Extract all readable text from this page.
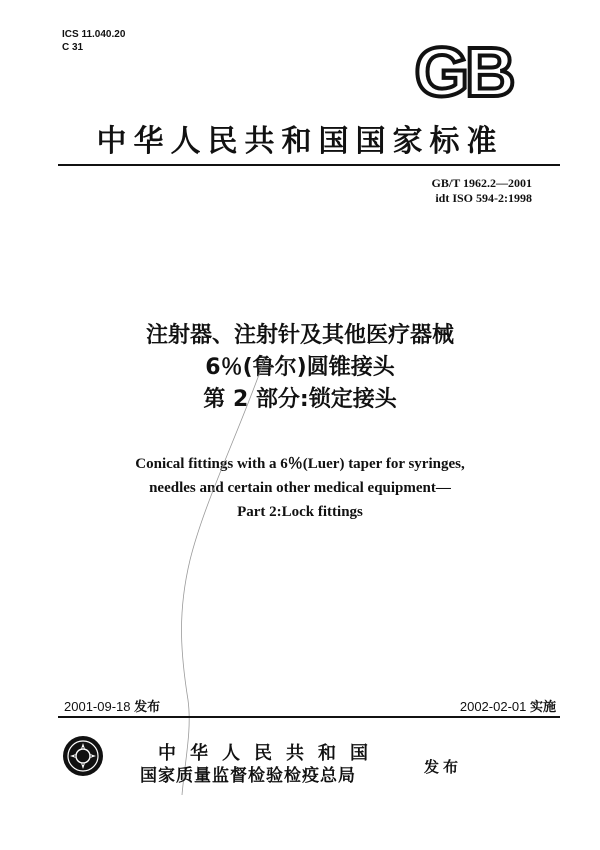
ICS 11.040.20
C 31	GB
中华人民共和国国家标准
GB/T 1962.2—2001
idt ISO 594-2:1998
注射器、注射针及其他医疗器械
6％(鲁尔)圆锥接头
第 2 部分:锁定接头
Conical fittings with a 6％(Luer) taper for syringes,
needles and certain other medical equipment—
Part 2:Lock fittings
2001-09-18 发布	2002-02-01 实施
中华人民共和国
国家质量监督检验检疫总局	发布
